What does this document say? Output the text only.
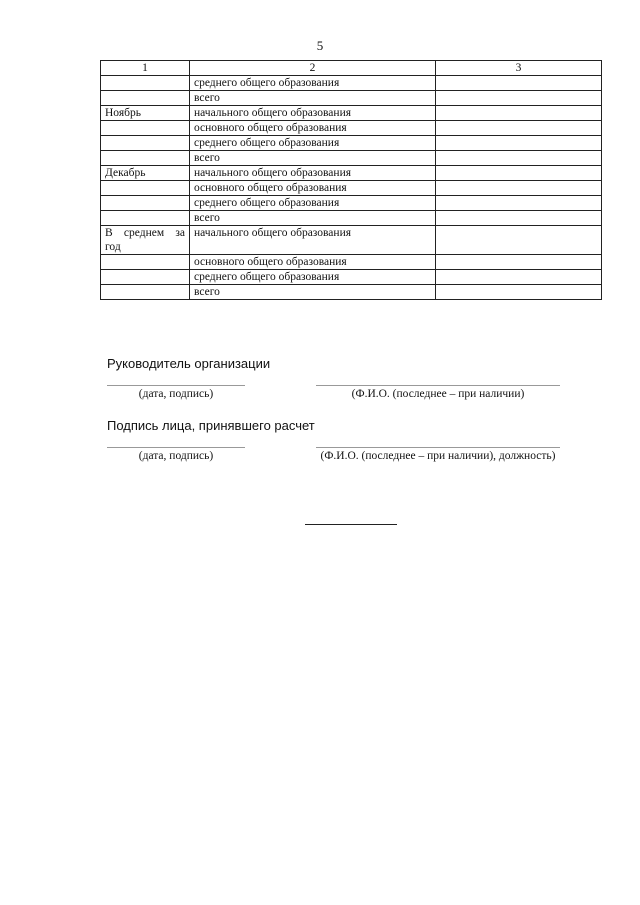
5
1	2	3
	среднего общего образования	
	всего	
Ноябрь	начального общего образования	
	основного общего образования	
	среднего общего образования	
	всего	
Декабрь	начального общего образования	
	основного общего образования	
	среднего общего образования	
	всего	
В среднем за год	начального общего образования	
	основного общего образования	
	среднего общего образования	
	всего	
Руководитель организации
(дата, подпись)	(Ф.И.О. (последнее – при наличии)
Подпись лица, принявшего расчет
(дата, подпись)	(Ф.И.О. (последнее – при наличии), должность)
